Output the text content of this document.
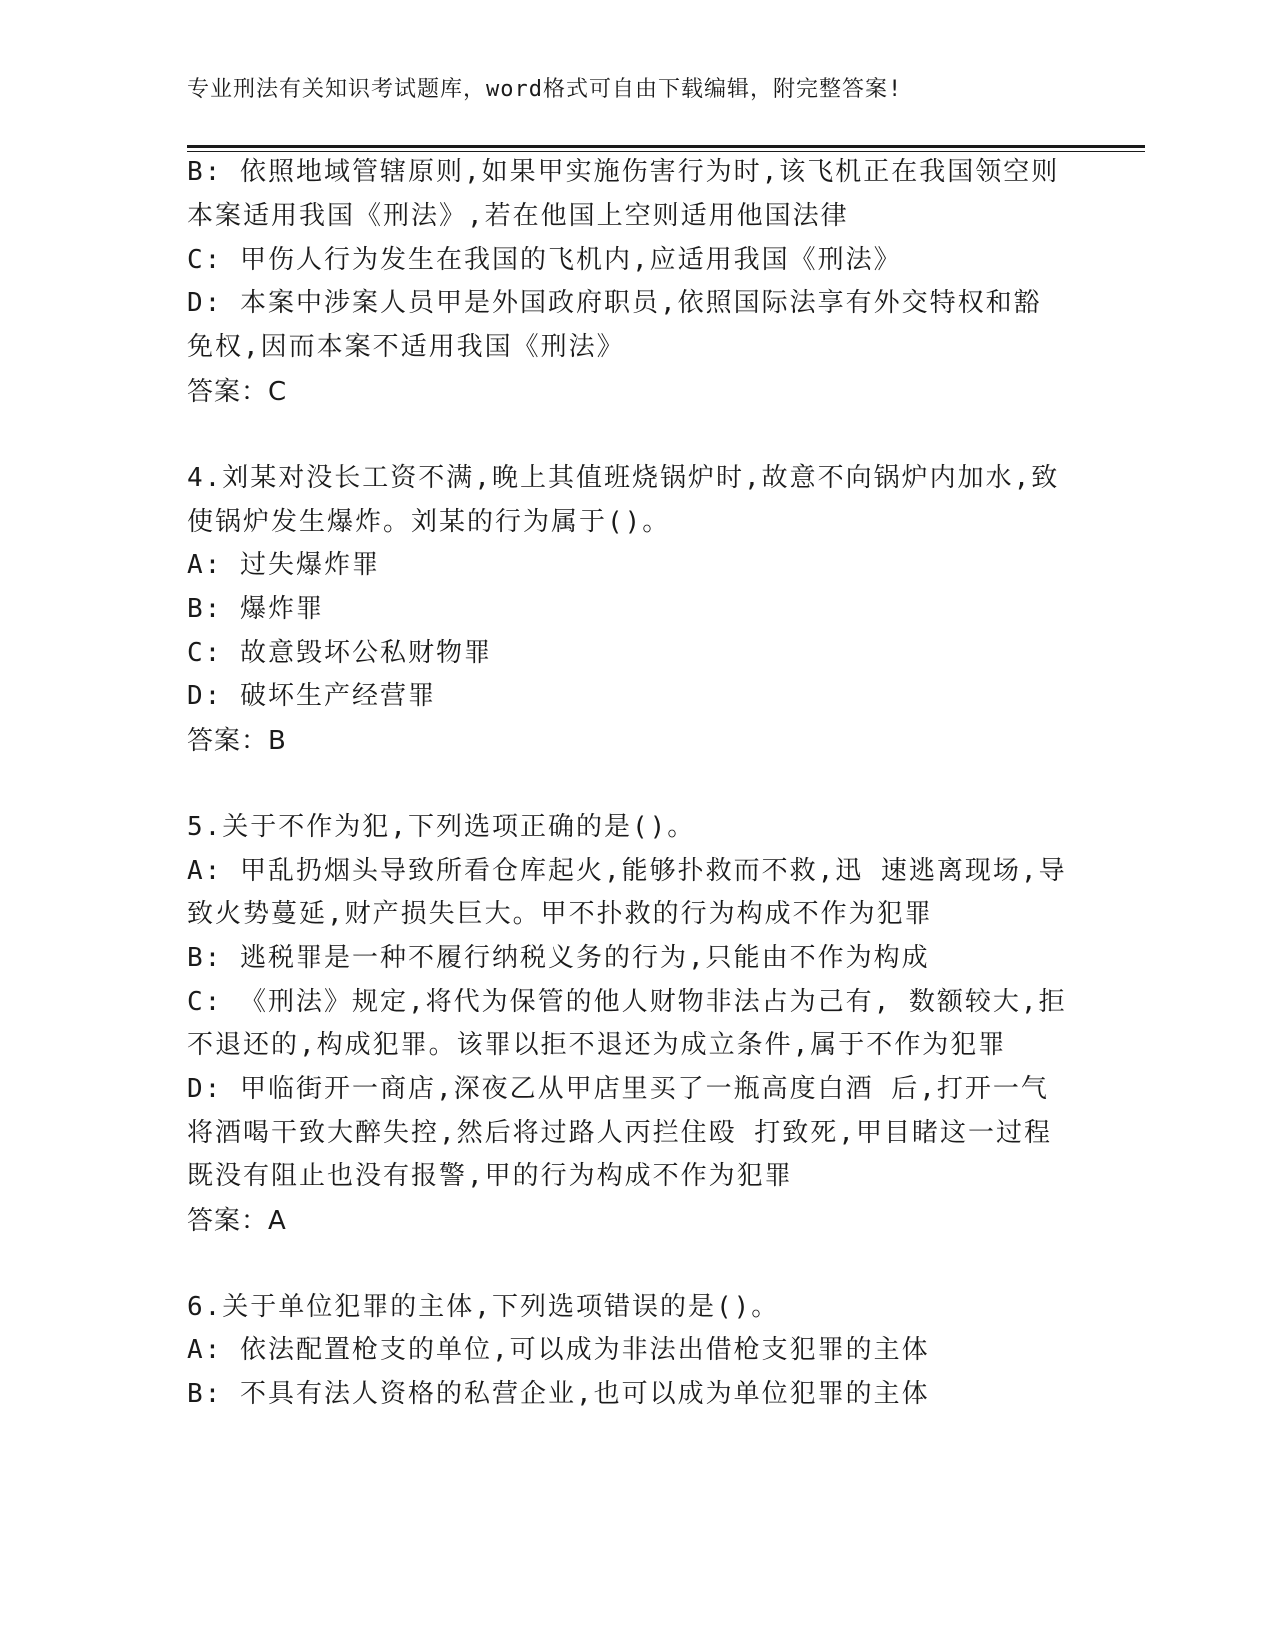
专业刑法有关知识考试题库，word格式可自由下载编辑，附完整答案!
B: 依照地域管辖原则,如果甲实施伤害行为时,该飞机正在我国领空则
本案适用我国《刑法》,若在他国上空则适用他国法律
C: 甲伤人行为发生在我国的飞机内,应适用我国《刑法》
D: 本案中涉案人员甲是外国政府职员,依照国际法享有外交特权和豁
免权,因而本案不适用我国《刑法》
答案：C
4.刘某对没长工资不满,晚上其值班烧锅炉时,故意不向锅炉内加水,致
使锅炉发生爆炸。刘某的行为属于()。
A: 过失爆炸罪
B: 爆炸罪
C: 故意毁坏公私财物罪
D: 破坏生产经营罪
答案：B
5.关于不作为犯,下列选项正确的是()。
A: 甲乱扔烟头导致所看仓库起火,能够扑救而不救,迅 速逃离现场,导
致火势蔓延,财产损失巨大。甲不扑救的行为构成不作为犯罪
B: 逃税罪是一种不履行纳税义务的行为,只能由不作为构成
C: 《刑法》规定,将代为保管的他人财物非法占为己有, 数额较大,拒
不退还的,构成犯罪。该罪以拒不退还为成立条件,属于不作为犯罪
D: 甲临街开一商店,深夜乙从甲店里买了一瓶高度白酒 后,打开一气
将酒喝干致大醉失控,然后将过路人丙拦住殴 打致死,甲目睹这一过程
既没有阻止也没有报警,甲的行为构成不作为犯罪
答案：A
6.关于单位犯罪的主体,下列选项错误的是()。
A: 依法配置枪支的单位,可以成为非法出借枪支犯罪的主体
B: 不具有法人资格的私营企业,也可以成为单位犯罪的主体
